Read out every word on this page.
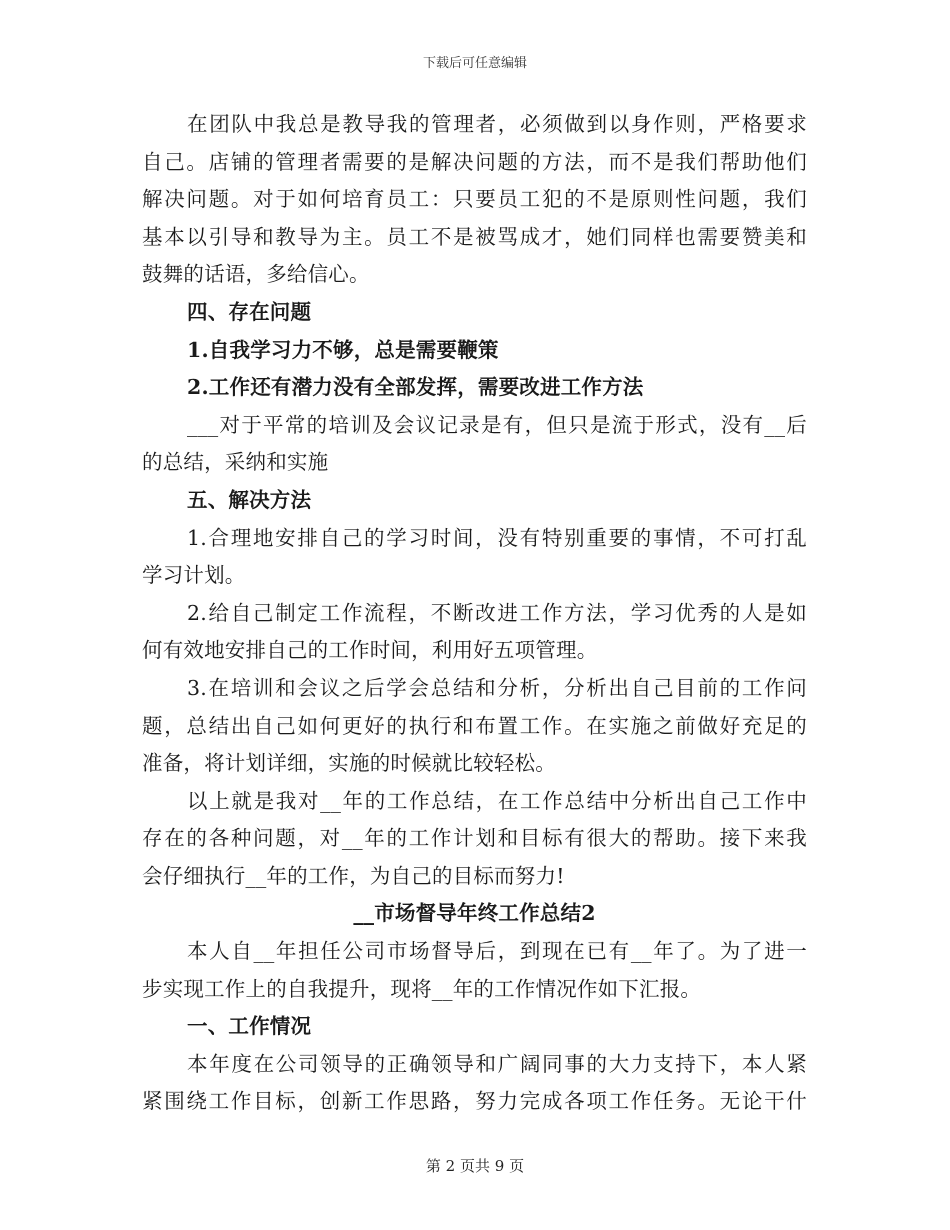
下载后可任意编辑
在团队中我总是教导我的管理者，必须做到以身作则，严格要求
自己。店铺的管理者需要的是解决问题的方法，而不是我们帮助他们
解决问题。对于如何培育员工：只要员工犯的不是原则性问题，我们
基本以引导和教导为主。员工不是被骂成才，她们同样也需要赞美和
鼓舞的话语，多给信心。
四、存在问题
1.自我学习力不够，总是需要鞭策
2.工作还有潜力没有全部发挥，需要改进工作方法
___对于平常的培训及会议记录是有，但只是流于形式，没有__后
的总结，采纳和实施
五、解决方法
1.合理地安排自己的学习时间，没有特别重要的事情，不可打乱
学习计划。
2.给自己制定工作流程，不断改进工作方法，学习优秀的人是如
何有效地安排自己的工作时间，利用好五项管理。
3.在培训和会议之后学会总结和分析，分析出自己目前的工作问
题，总结出自己如何更好的执行和布置工作。在实施之前做好充足的
准备，将计划详细，实施的时候就比较轻松。
以上就是我对__年的工作总结，在工作总结中分析出自己工作中
存在的各种问题，对__年的工作计划和目标有很大的帮助。接下来我
会仔细执行__年的工作，为自己的目标而努力!
__市场督导年终工作总结2
本人自__年担任公司市场督导后，到现在已有__年了。为了进一
步实现工作上的自我提升，现将__年的工作情况作如下汇报。
一、工作情况
本年度在公司领导的正确领导和广阔同事的大力支持下，本人紧
紧围绕工作目标，创新工作思路，努力完成各项工作任务。无论干什
第 2 页共 9 页
